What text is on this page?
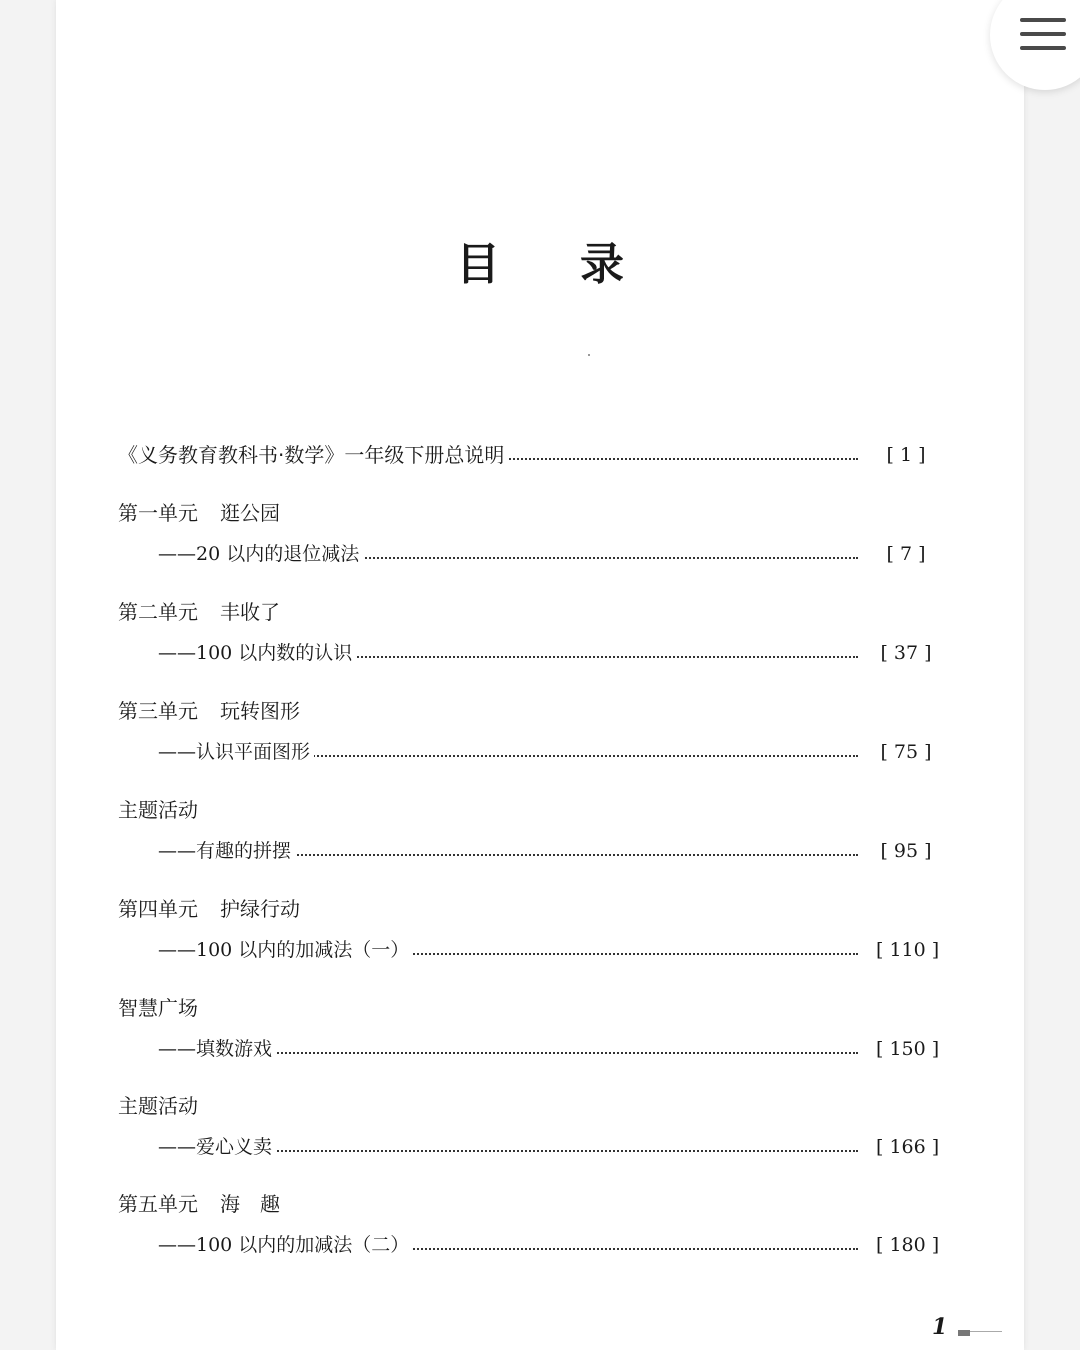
目录
《义务教育教科书·数学》一年级下册总说明	[ 1 ]
第一单元 逛公园
——20 以内的退位减法	[ 7 ]
第二单元 丰收了
——100 以内数的认识	[ 37 ]
第三单元 玩转图形
——认识平面图形	[ 75 ]
主题活动
——有趣的拼摆	[ 95 ]
第四单元 护绿行动
——100 以内的加减法（一）	[ 110 ]
智慧广场
——填数游戏	[ 150 ]
主题活动
——爱心义卖	[ 166 ]
第五单元 海　趣
——100 以内的加减法（二）	[ 180 ]
1
